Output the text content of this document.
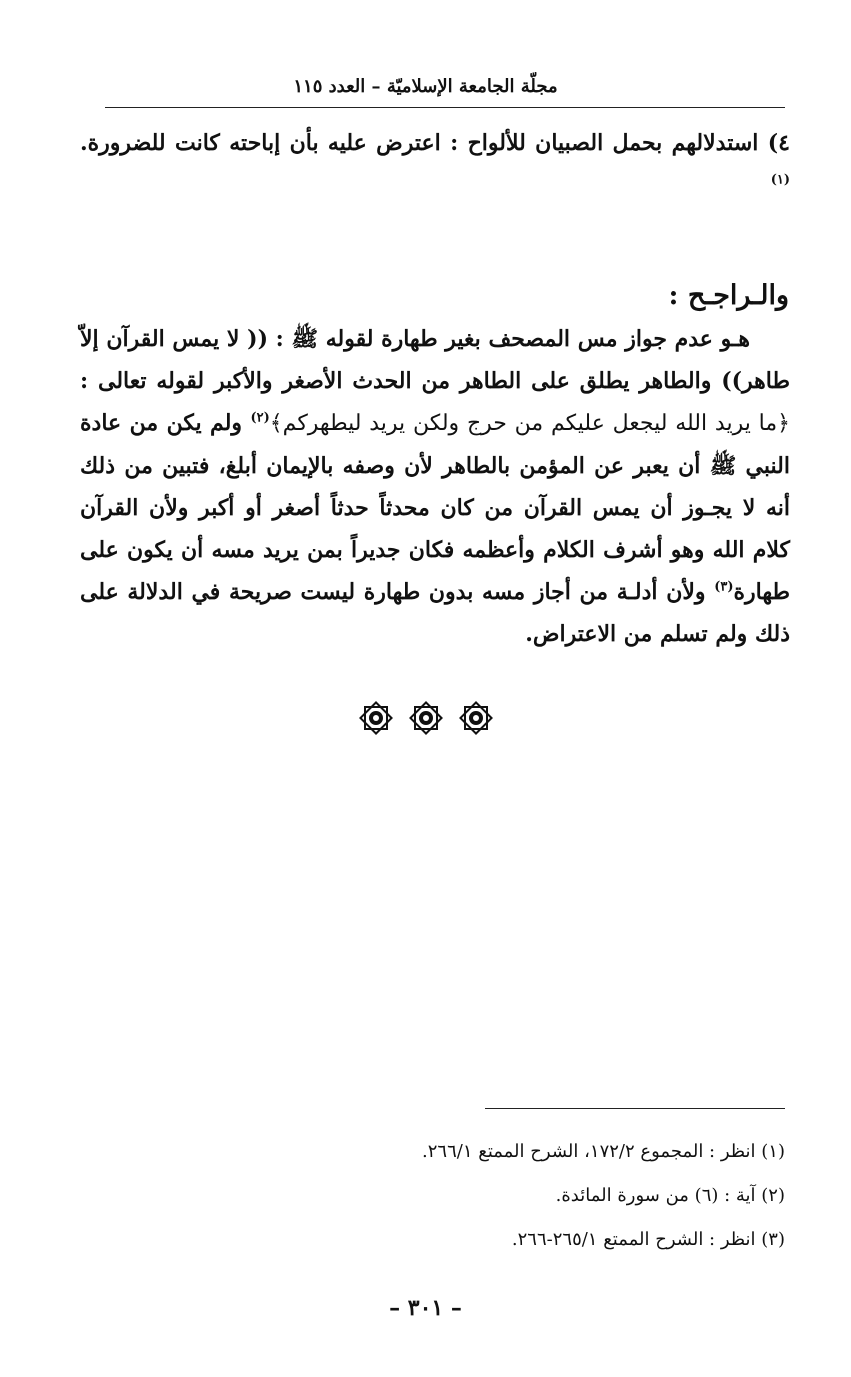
مجلّة الجامعة الإسلاميّة – العدد ١١٥
٤) استدلالهم بحمل الصبيان للألواح : اعترض عليه بأن إباحته كانت للضرورة.$^{(١)}$
والـراجـح :
هـو عدم جواز مس المصحف بغير طهارة لقوله ﷺ : (( لا يمس القرآن إلاّ طاهر)) والطاهر يطلق على الطاهر من الحدث الأصغر والأكبر لقوله تعالى : ﴿ما يريد الله ليجعل عليكم من حرج ولكن يريد ليطهركم﴾$^{(٢)}$ ولم يكن من عادة النبي ﷺ أن يعبر عن المؤمن بالطاهر لأن وصفه بالإيمان أبلغ، فتبين من ذلك أنه لا يجـوز أن يمس القرآن من كان محدثاً حدثاً أصغر أو أكبر ولأن القرآن كلام الله وهو أشرف الكلام وأعظمه فكان جديراً بمن يريد مسه أن يكون على طهارة$^{(٣)}$ ولأن أدلـة من أجاز مسه بدون طهارة ليست صريحة في الدلالة على ذلك ولم تسلم من الاعتراض.

(١) انظر : المجموع ١٧٢/٢، الشرح الممتع ٢٦٦/١.

(٢) آية : (٦) من سورة المائدة.

(٣) انظر : الشرح الممتع ٢٦٥/١-٢٦٦.

– ٣٠١ –
